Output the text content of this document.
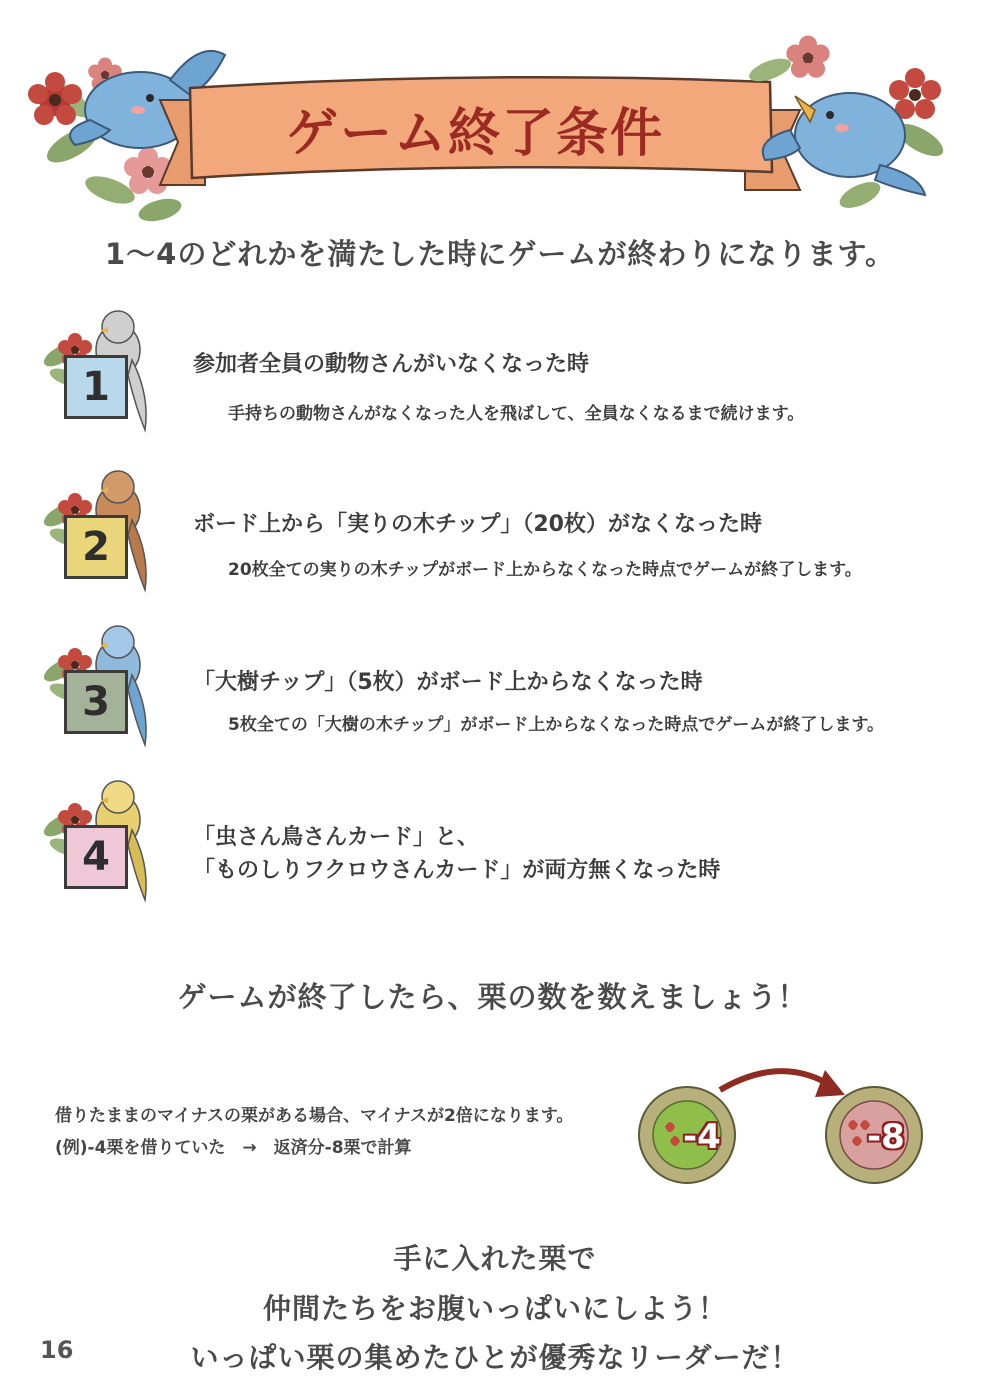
ゲーム終了条件
1〜4のどれかを満たした時にゲームが終わりになります。
1	参加者全員の動物さんがいなくなった時
手持ちの動物さんがなくなった人を飛ばして、全員なくなるまで続けます。
2	ボード上から「実りの木チップ」（20枚）がなくなった時
20枚全ての実りの木チップがボード上からなくなった時点でゲームが終了します。
3	「大樹チップ」（5枚）がボード上からなくなった時
5枚全ての「大樹の木チップ」がボード上からなくなった時点でゲームが終了します。
4	「虫さん鳥さんカード」と、
「ものしりフクロウさんカード」が両方無くなった時
ゲームが終了したら、栗の数を数えましょう！
借りたままのマイナスの栗がある場合、マイナスが2倍になります。
(例)-4栗を借りていた　→　返済分-8栗で計算	-4	-8
手に入れた栗で
仲間たちをお腹いっぱいにしよう！
いっぱい栗の集めたひとが優秀なリーダーだ！
16
